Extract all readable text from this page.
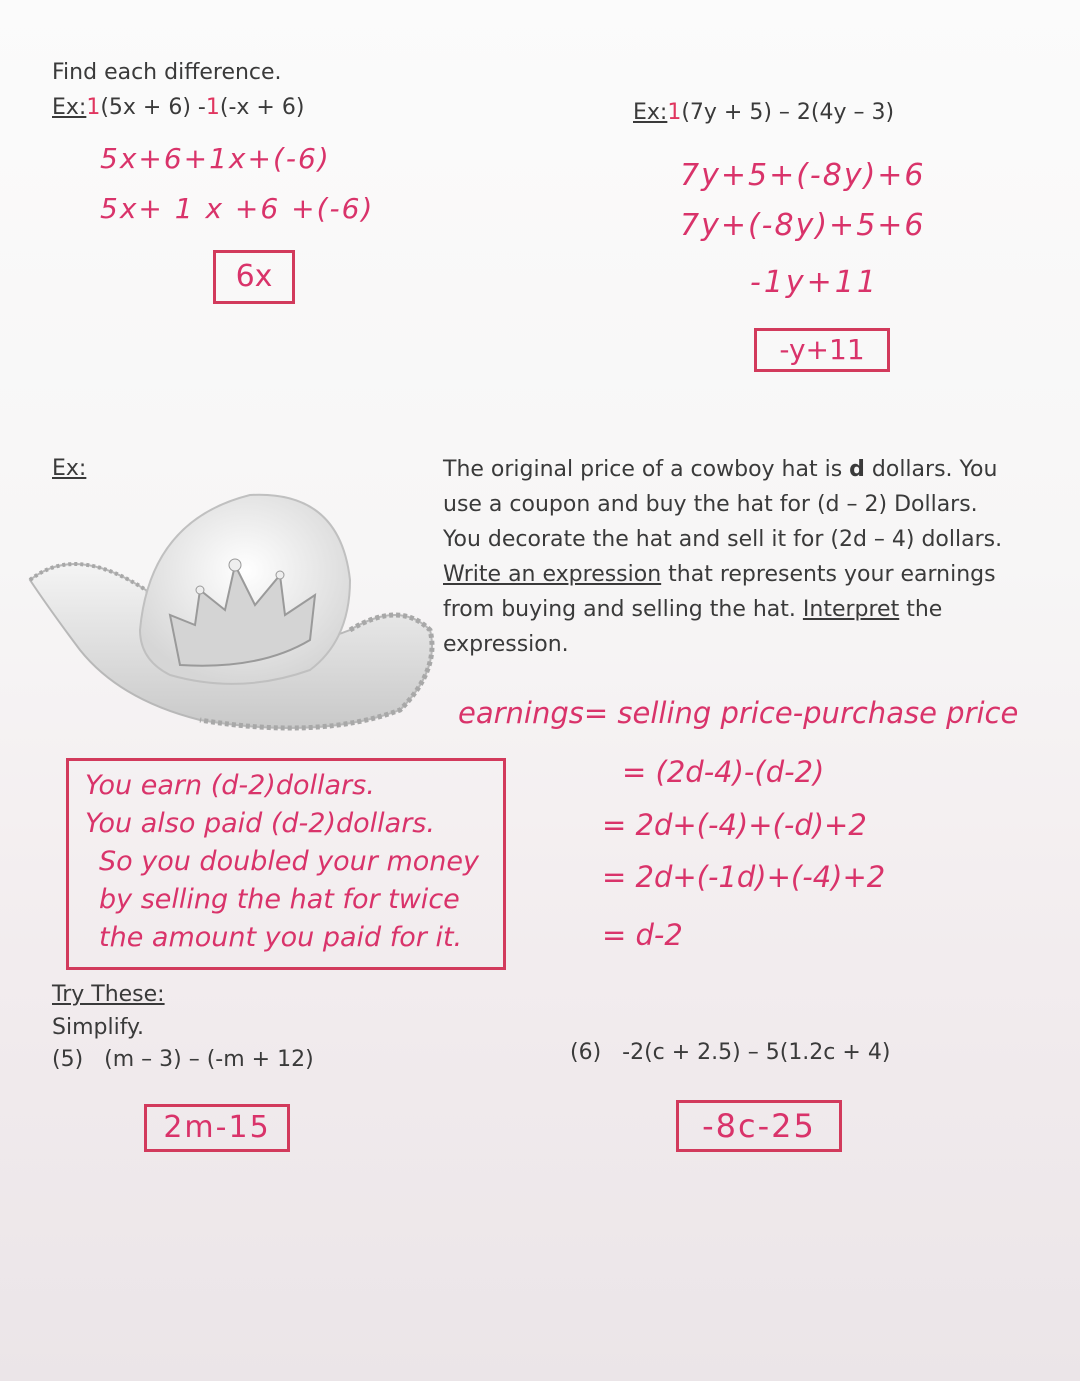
Find each difference.
Ex:1(5x + 6) -1(-x + 6)
5x+6+1x+(-6)
5x+ 1 x +6 +(-6)
6x
Ex:1(7y + 5) – 2(4y – 3)
7y+5+(-8y)+6
7y+(-8y)+5+6
-1y+11
-y+11
Ex:	The original price of a cowboy hat is d dollars. You use a coupon and buy the hat for (d – 2) Dollars. You decorate the hat and sell it for (2d – 4) dollars. Write an expression that represents your earnings from buying and selling the hat. Interpret the expression.
earnings= selling price-purchase price
= (2d-4)-(d-2)
= 2d+(-4)+(-d)+2
= 2d+(-1d)+(-4)+2
= d-2
You earn (d-2)dollars.
You also paid (d-2)dollars.
So you doubled your money
by selling the hat for twice
the amount you paid for it.
Try These:
Simplify.
(5)   (m – 3) – (-m + 12)	(6)   -2(c + 2.5) – 5(1.2c + 4)
2m-15	-8c-25
